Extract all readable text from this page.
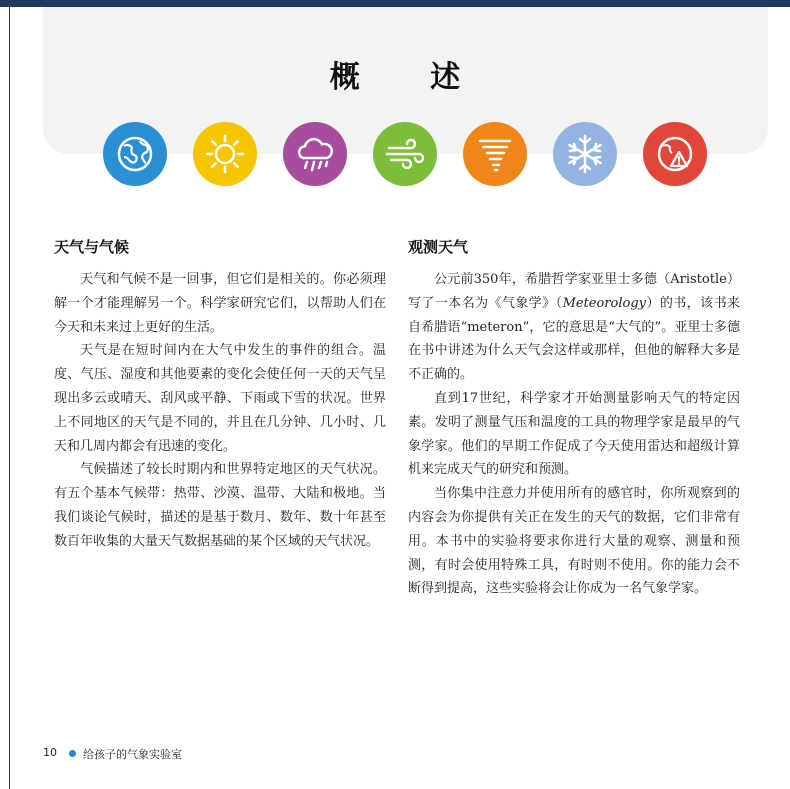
概 述
天气与气候

天气和气候不是一回事，但它们是相关的。你必须理解一个才能理解另一个。科学家研究它们，以帮助人们在今天和未来过上更好的生活。

天气是在短时间内在大气中发生的事件的组合。温度、气压、湿度和其他要素的变化会使任何一天的天气呈现出多云或晴天、刮风或平静、下雨或下雪的状况。世界上不同地区的天气是不同的，并且在几分钟、几小时、几天和几周内都会有迅速的变化。

气候描述了较长时期内和世界特定地区的天气状况。有五个基本气候带：热带、沙漠、温带、大陆和极地。当我们谈论气候时，描述的是基于数月、数年、数十年甚至数百年收集的大量天气数据基础的某个区域的天气状况。

观测天气

公元前350年，希腊哲学家亚里士多德（Aristotle）写了一本名为《气象学》（Meteorology）的书，该书来自希腊语“meteron”，它的意思是“大气的”。亚里士多德在书中讲述为什么天气会这样或那样，但他的解释大多是不正确的。

直到17世纪，科学家才开始测量影响天气的特定因素。发明了测量气压和温度的工具的物理学家是最早的气象学家。他们的早期工作促成了今天使用雷达和超级计算机来完成天气的研究和预测。

当你集中注意力并使用所有的感官时，你所观察到的内容会为你提供有关正在发生的天气的数据，它们非常有用。本书中的实验将要求你进行大量的观察、测量和预测，有时会使用特殊工具，有时则不使用。你的能力会不断得到提高，这些实验将会让你成为一名气象学家。

10 给孩子的气象实验室
